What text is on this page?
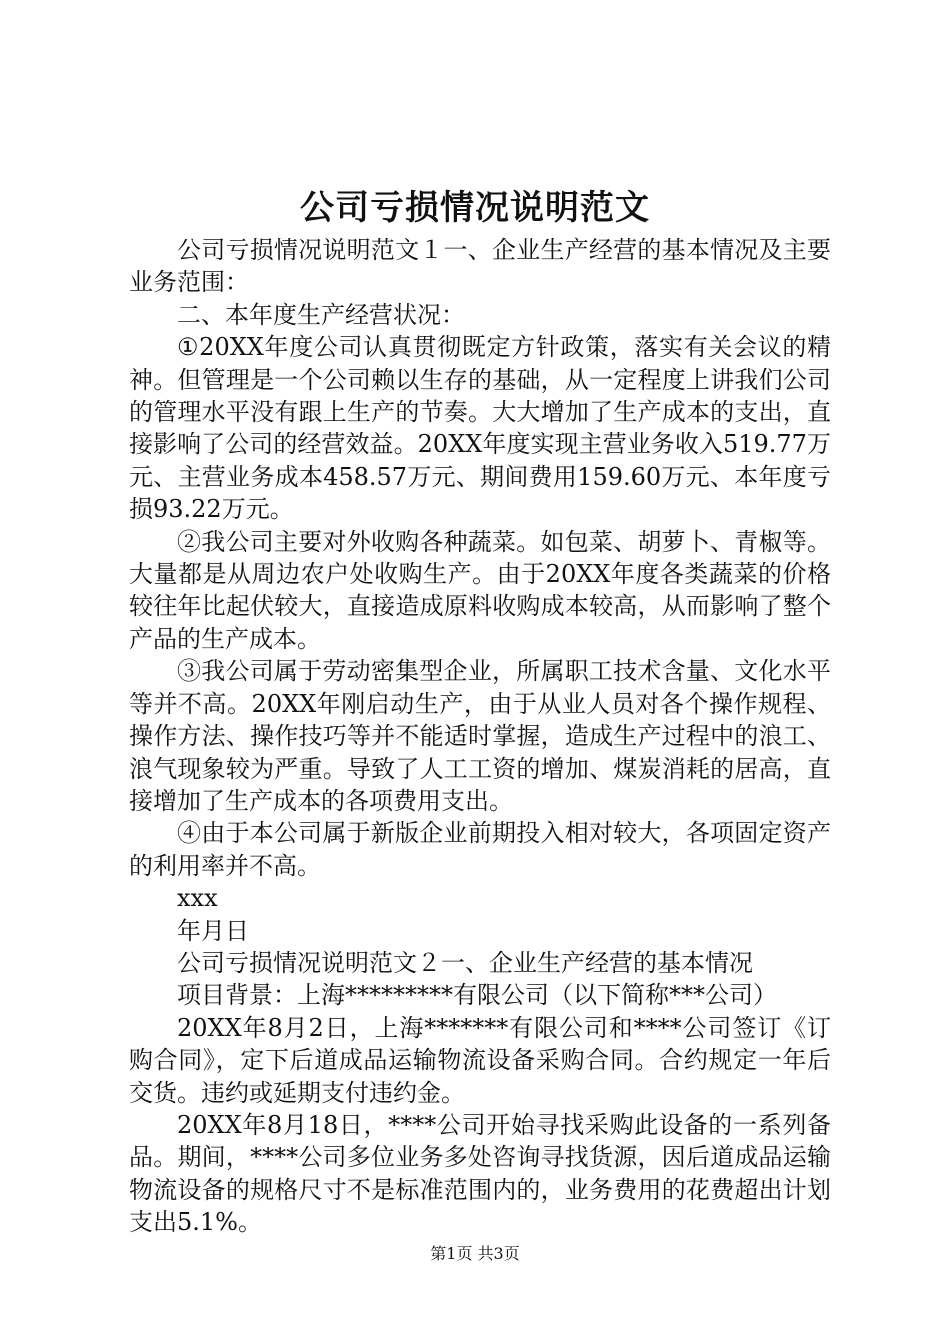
公司亏损情况说明范文

公司亏损情况说明范文１一、企业生产经营的基本情况及主要业务范围：

二、本年度生产经营状况：

①20XX年度公司认真贯彻既定方针政策，落实有关会议的精神。但管理是一个公司赖以生存的基础，从一定程度上讲我们公司的管理水平没有跟上生产的节奏。大大增加了生产成本的支出，直接影响了公司的经营效益。20XX年度实现主营业务收入519.77万元、主营业务成本458.57万元、期间费用159.60万元、本年度亏损93.22万元。

②我公司主要对外收购各种蔬菜。如包菜、胡萝卜、青椒等。大量都是从周边农户处收购生产。由于20XX年度各类蔬菜的价格较往年比起伏较大，直接造成原料收购成本较高，从而影响了整个产品的生产成本。

③我公司属于劳动密集型企业，所属职工技术含量、文化水平等并不高。20XX年刚启动生产，由于从业人员对各个操作规程、操作方法、操作技巧等并不能适时掌握，造成生产过程中的浪工、浪气现象较为严重。导致了人工工资的增加、煤炭消耗的居高，直接增加了生产成本的各项费用支出。

④由于本公司属于新版企业前期投入相对较大，各项固定资产的利用率并不高。

xxx

年月日

公司亏损情况说明范文２一、企业生产经营的基本情况

项目背景：上海*********有限公司（以下简称***公司）

20XX年8月2日，上海*******有限公司和****公司签订《订购合同》，定下后道成品运输物流设备采购合同。合约规定一年后交货。违约或延期支付违约金。

20XX年8月18日，****公司开始寻找采购此设备的一系列备品。期间，****公司多位业务多处咨询寻找货源，因后道成品运输物流设备的规格尺寸不是标准范围内的，业务费用的花费超出计划支出5.1%。

第1页 共3页
